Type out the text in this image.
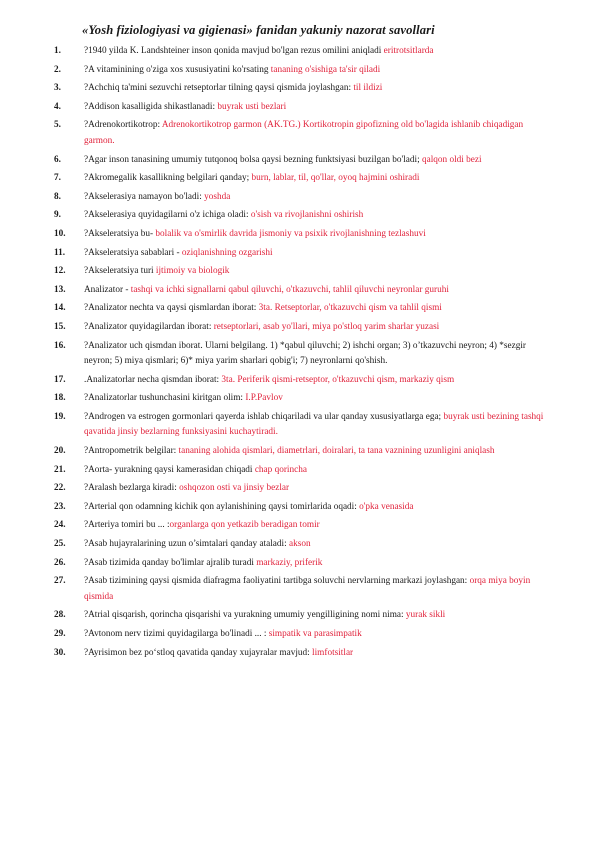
«Yosh fiziologiyasi va gigienasi» fanidan yakuniy nazorat savollari
1. ?1940 yilda K. Landshteiner inson qonida mavjud bo'lgan rezus omilini aniqladi eritrotsitlarda
2. ?A vitaminining o'ziga xos xususiyatini ko'rsating tananing o'sishiga ta'sir qiladi
3. ?Achchiq ta'mini sezuvchi retseptorlar tilning qaysi qismida joylashgan: til ildizi
4. ?Addison kasalligida shikastlanadi: buyrak usti bezlari
5. ?Adrenokortikotrop: Adrenokortikotrop garmon (AK.TG.) Kortikotropin gipofizning old bo'lagida ishlanib chiqadigan garmon.
6. ?Agar inson tanasining umumiy tutqonoq bolsa qaysi bezning funktsiyasi buzilgan bo'ladi; qalqon oldi bezi
7. ?Akromegalik kasallikning belgilari qanday; burn, lablar, til, qo'llar, oyoq hajmini oshiradi
8. ?Akselerasiya namayon bo'ladi: yoshda
9. ?Akselerasiya quyidagilarni o'z ichiga oladi: o'sish va rivojlanishni oshirish
10. ?Akseleratsiya bu- bolalik va o'smirlik davrida jismoniy va psixik rivojlanishning tezlashuvi
11. ?Akseleratsiya sabablari - oziqlanishning ozgarishi
12. ?Akseleratsiya turi ijtimoiy va biologik
13. Analizator - tashqi va ichki signallarni qabul qiluvchi, o'tkazuvchi, tahlil qiluvchi neyronlar guruhi
14. ?Analizator nechta va qaysi qismlardan iborat: 3ta. Retseptorlar, o'tkazuvchi qism va tahlil qismi
15. ?Analizator quyidagilardan iborat: retseptorlari, asab yo'llari, miya po'stloq yarim sharlar yuzasi
16. ?Analizator uch qismdan iborat. Ularni belgilang. 1) *qabul qiluvchi; 2) ishchi organ; 3) o’tkazuvchi neyron; 4) *sezgir neyron; 5) miya qismlari; 6)* miya yarim sharlari qobig'i; 7) neyronlarni qo'shish.
17. .Analizatorlar necha qismdan iborat: 3ta. Periferik qismi-retseptor, o'tkazuvchi qism, markaziy qism
18. ?Analizatorlar tushunchasini kiritgan olim: I.P.Pavlov
19. ?Androgen va estrogen gormonlari qayerda ishlab chiqariladi va ular qanday xususiyatlarga ega; buyrak usti bezining tashqi qavatida jinsiy bezlarning funksiyasini kuchaytiradi.
20. ?Antropometrik belgilar: tananing alohida qismlari, diametrlari, doiralari, ta tana vaznining uzunligini aniqlash
21. ?Aorta- yurakning qaysi kamerasidan chiqadi chap qorincha
22. ?Aralash bezlarga kiradi: oshqozon osti va jinsiy bezlar
23. ?Arterial qon odamning kichik qon aylanishining qaysi tomirlarida oqadi: o'pka venasida
24. ?Arteriya tomiri bu ... :organlarga qon yetkazib beradigan tomir
25. ?Asab hujayralarining uzun o’simtalari qanday ataladi: akson
26. ?Asab tizimida qanday bo'limlar ajralib turadi markaziy, priferik
27. ?Asab tizimining qaysi qismida diafragma faoliyatini tartibga soluvchi nervlarning markazi joylashgan: orqa miya boyin qismida
28. ?Atrial qisqarish, qorincha qisqarishi va yurakning umumiy yengilligining nomi nima: yurak sikli
29. ?Avtonom nerv tizimi quyidagilarga bo'linadi ... : simpatik va parasimpatik
30. ?Ayrisimon bez po‘stloq qavatida qanday xujayralar mavjud: limfotsitlar
